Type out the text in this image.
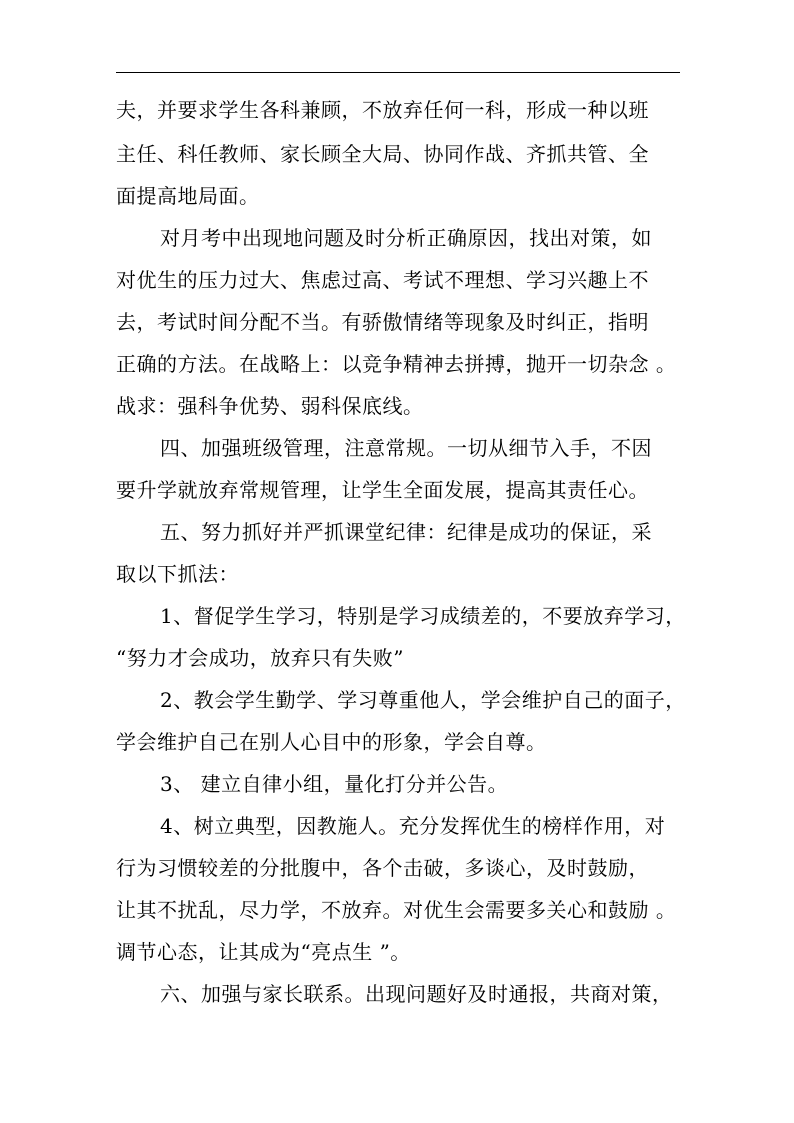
夫，并要求学生各科兼顾，不放弃任何一科，形成一种以班
主任、科任教师、家长顾全大局、协同作战、齐抓共管、全
面提高地局面。
对月考中出现地问题及时分析正确原因，找出对策，如
对优生的压力过大、焦虑过高、考试不理想、学习兴趣上不
去，考试时间分配不当。有骄傲情绪等现象及时纠正，指明
正确的方法。在战略上：以竞争精神去拼搏，抛开一切杂念 。
战求：强科争优势、弱科保底线。
四、加强班级管理，注意常规。一切从细节入手，不因
要升学就放弃常规管理，让学生全面发展，提高其责任心。
五、努力抓好并严抓课堂纪律：纪律是成功的保证，采
取以下抓法：
1、督促学生学习，特别是学习成绩差的，不要放弃学习，
“努力才会成功，放弃只有失败”
2、教会学生勤学、学习尊重他人，学会维护自己的面子，
学会维护自己在别人心目中的形象，学会自尊。
3、 建立自律小组，量化打分并公告。
4、树立典型，因教施人。充分发挥优生的榜样作用，对
行为习惯较差的分批腹中，各个击破，多谈心，及时鼓励，
让其不扰乱，尽力学，不放弃。对优生会需要多关心和鼓励 。
调节心态，让其成为“亮点生 ”。
六、加强与家长联系。出现问题好及时通报，共商对策，
